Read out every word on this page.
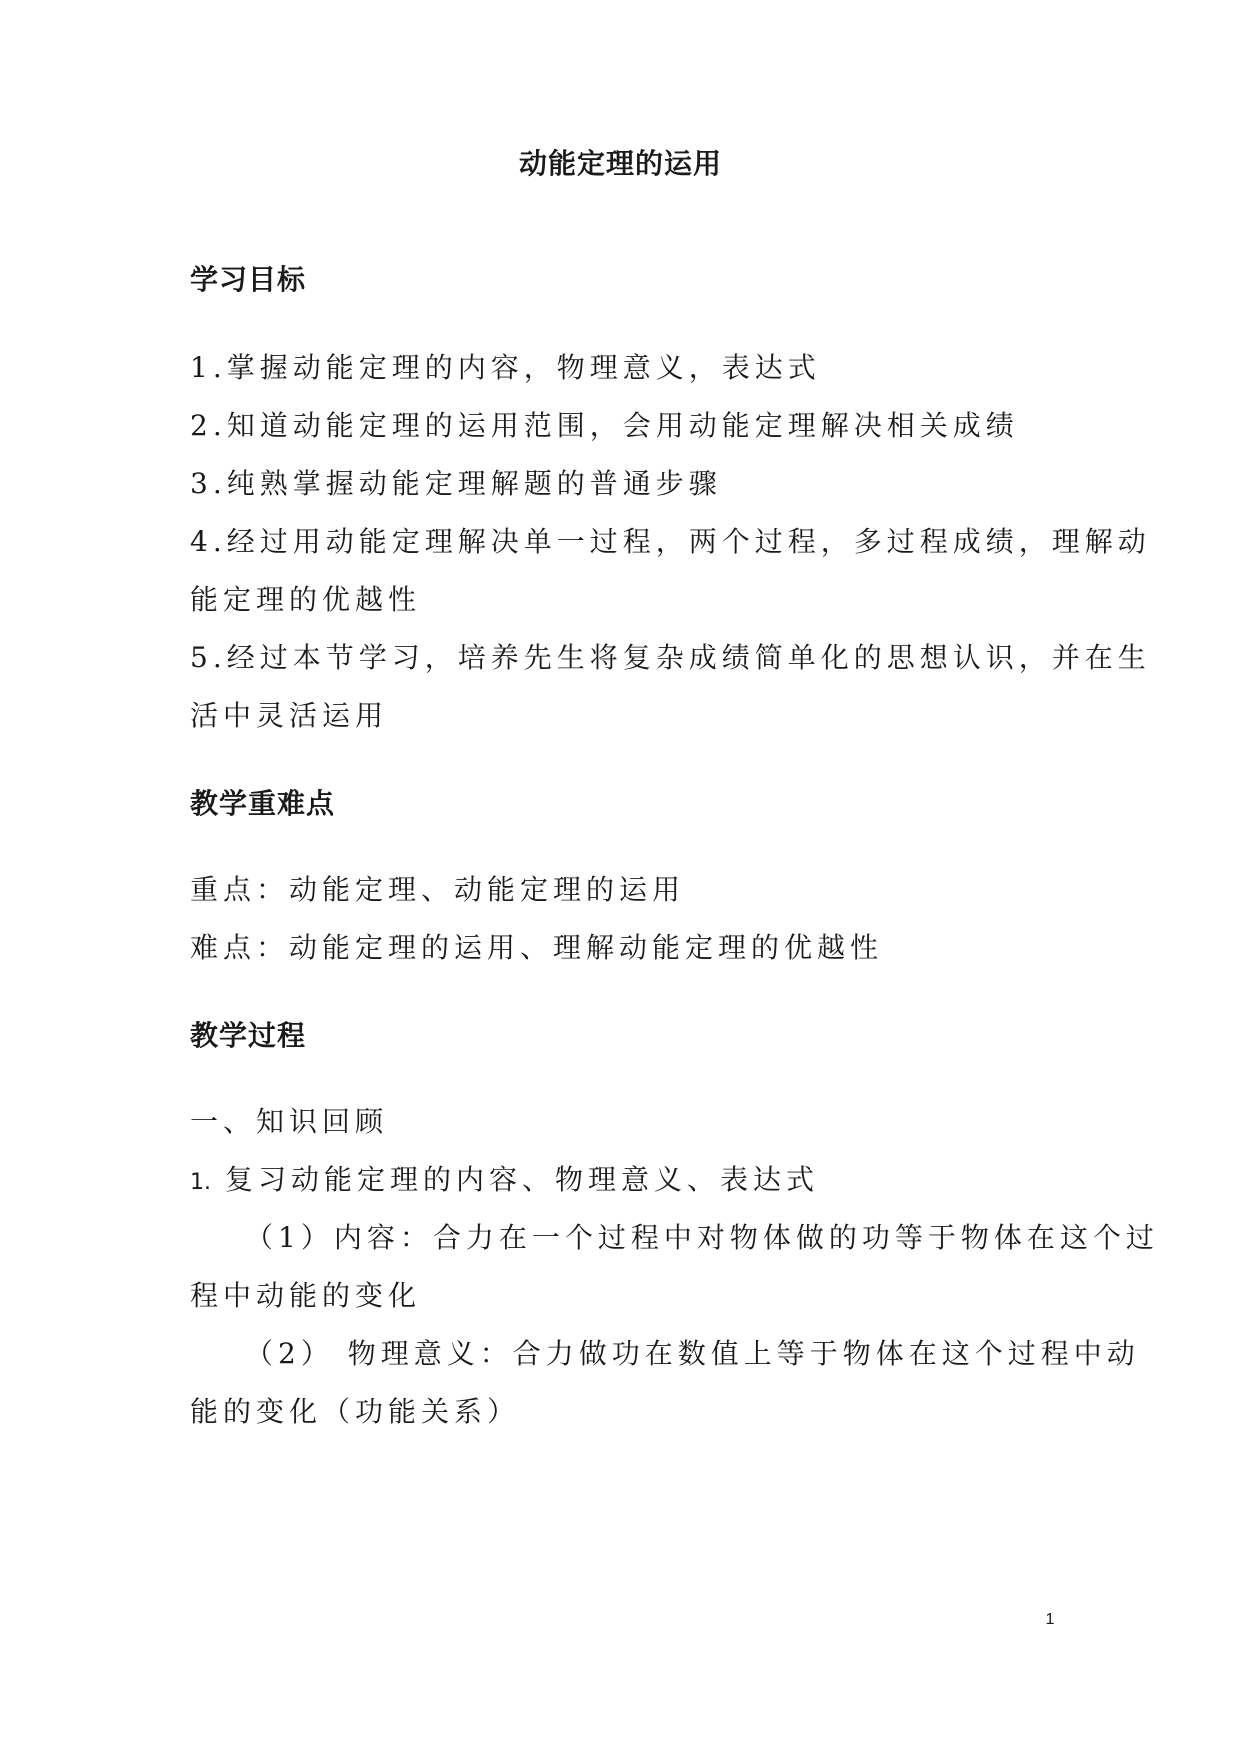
动能定理的运用
学习目标
1.掌握动能定理的内容，物理意义，表达式
2.知道动能定理的运用范围，会用动能定理解决相关成绩
3.纯熟掌握动能定理解题的普通步骤
4.经过用动能定理解决单一过程，两个过程，多过程成绩，理解动
能定理的优越性
5.经过本节学习，培养先生将复杂成绩简单化的思想认识，并在生
活中灵活运用
教学重难点
重点：动能定理、动能定理的运用
难点：动能定理的运用、理解动能定理的优越性
教学过程
一、知识回顾
1. 复习动能定理的内容、物理意义、表达式
（1）内容：合力在一个过程中对物体做的功等于物体在这个过
程中动能的变化
（2） 物理意义：合力做功在数值上等于物体在这个过程中动
能的变化（功能关系）
1
